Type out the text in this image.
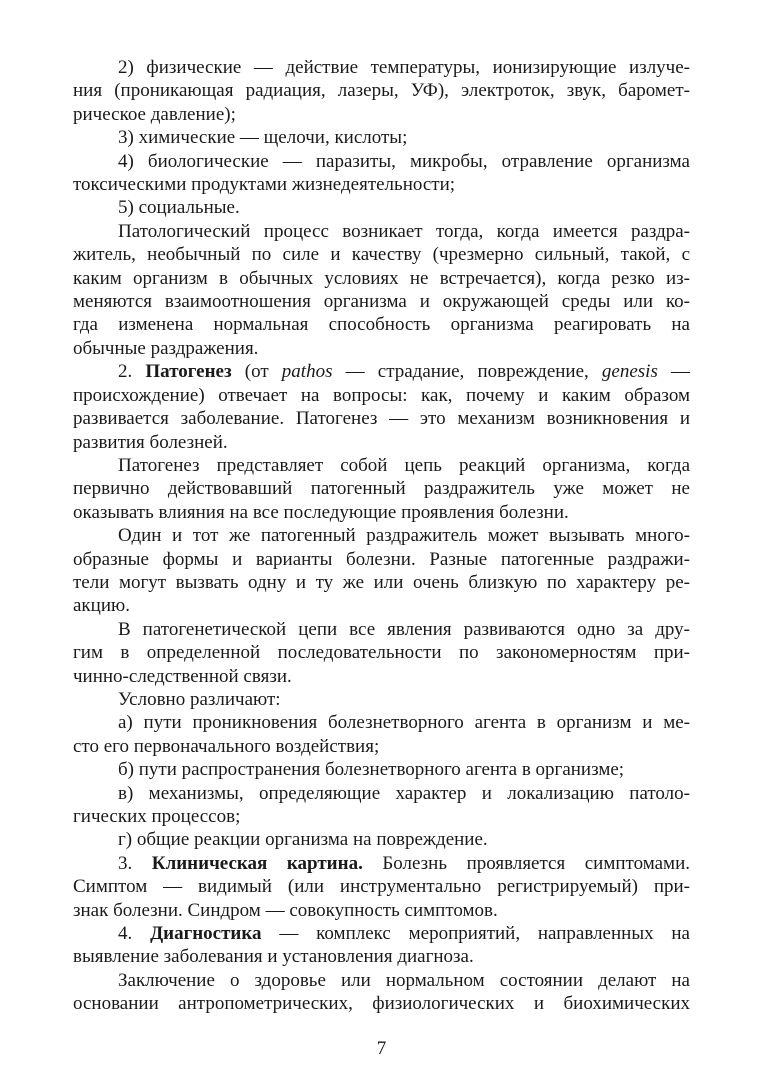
2) физические — действие температуры, ионизирующие излуче-
ния (проникающая радиация, лазеры, УФ), электроток, звук, баромет-
рическое давление);
3) химические — щелочи, кислоты;
4) биологические — паразиты, микробы, отравление организма
токсическими продуктами жизнедеятельности;
5) социальные.
Патологический процесс возникает тогда, когда имеется раздра-
житель, необычный по силе и качеству (чрезмерно сильный, такой, с
каким организм в обычных условиях не встречается), когда резко из-
меняются взаимоотношения организма и окружающей среды или ко-
гда изменена нормальная способность организма реагировать на
обычные раздражения.
2. Патогенез (от pathos — страдание, повреждение, genesis —
происхождение) отвечает на вопросы: как, почему и каким образом
развивается заболевание. Патогенез — это механизм возникновения и
развития болезней.
Патогенез представляет собой цепь реакций организма, когда
первично действовавший патогенный раздражитель уже может не
оказывать влияния на все последующие проявления болезни.
Один и тот же патогенный раздражитель может вызывать много-
образные формы и варианты болезни. Разные патогенные раздражи-
тели могут вызвать одну и ту же или очень близкую по характеру ре-
акцию.
В патогенетической цепи все явления развиваются одно за дру-
гим в определенной последовательности по закономерностям при-
чинно-следственной связи.
Условно различают:
а) пути проникновения болезнетворного агента в организм и ме-
сто его первоначального воздействия;
б) пути распространения болезнетворного агента в организме;
в) механизмы, определяющие характер и локализацию патоло-
гических процессов;
г) общие реакции организма на повреждение.
3. Клиническая картина. Болезнь проявляется симптомами.
Симптом — видимый (или инструментально регистрируемый) при-
знак болезни. Синдром — совокупность симптомов.
4. Диагностика — комплекс мероприятий, направленных на
выявление заболевания и установления диагноза.
Заключение о здоровье или нормальном состоянии делают на
основании антропометрических, физиологических и биохимических
7
